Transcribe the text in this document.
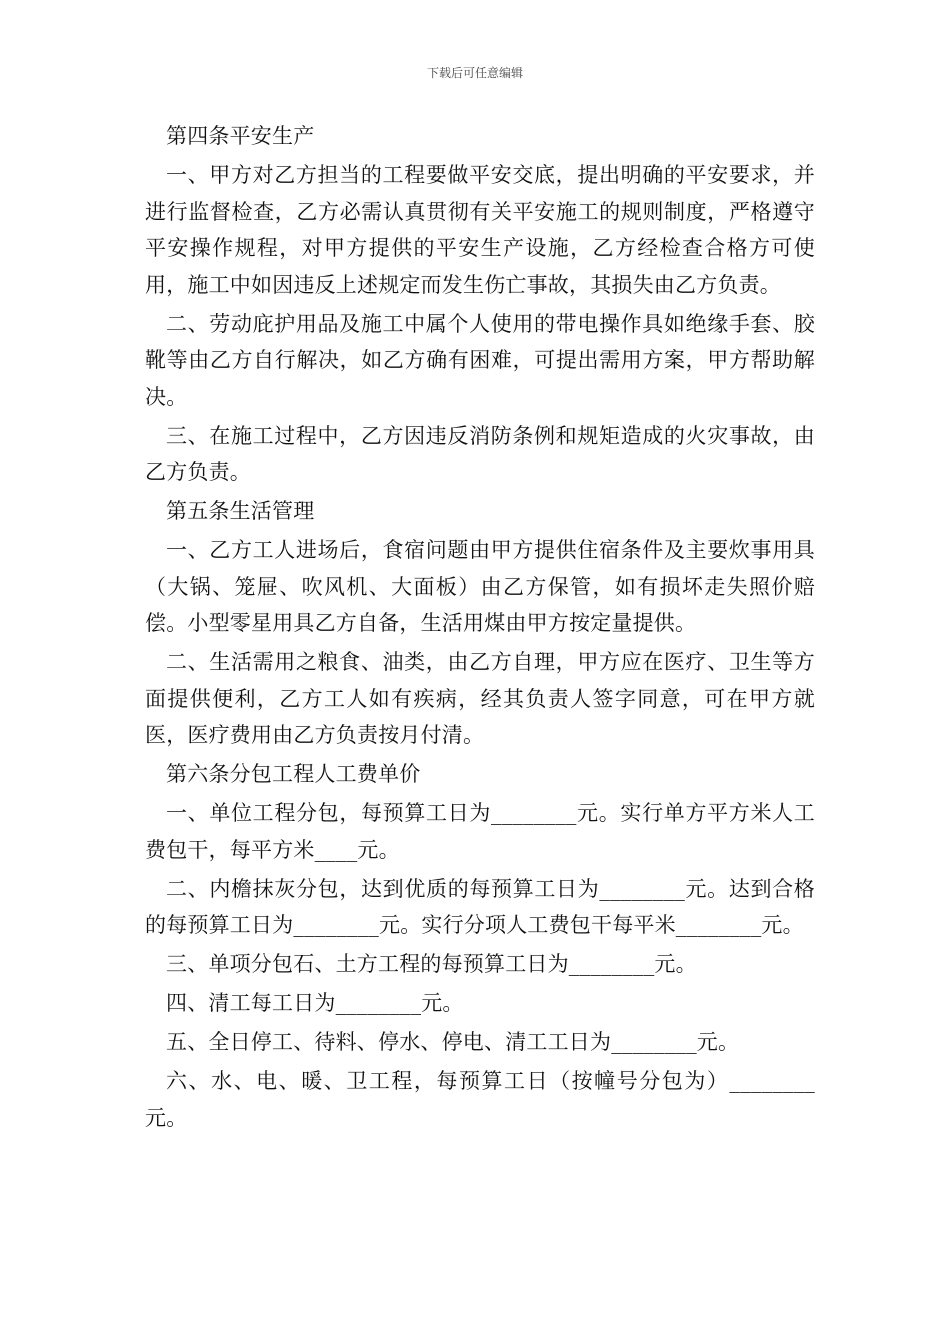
下载后可任意编辑

第四条平安生产

一、甲方对乙方担当的工程要做平安交底，提出明确的平安要求，并进行监督检查，乙方必需认真贯彻有关平安施工的规则制度，严格遵守平安操作规程，对甲方提供的平安生产设施，乙方经检查合格方可使用，施工中如因违反上述规定而发生伤亡事故，其损失由乙方负责。

二、劳动庇护用品及施工中属个人使用的带电操作具如绝缘手套、胶靴等由乙方自行解决，如乙方确有困难，可提出需用方案，甲方帮助解决。

三、在施工过程中，乙方因违反消防条例和规矩造成的火灾事故，由乙方负责。

第五条生活管理

一、乙方工人进场后，食宿问题由甲方提供住宿条件及主要炊事用具（大锅、笼屉、吹风机、大面板）由乙方保管，如有损坏走失照价赔偿。小型零星用具乙方自备，生活用煤由甲方按定量提供。

二、生活需用之粮食、油类，由乙方自理，甲方应在医疗、卫生等方面提供便利，乙方工人如有疾病，经其负责人签字同意，可在甲方就医，医疗费用由乙方负责按月付清。

第六条分包工程人工费单价

一、单位工程分包，每预算工日为________元。实行单方平方米人工费包干，每平方米____元。

二、内檐抹灰分包，达到优质的每预算工日为________元。达到合格的每预算工日为________元。实行分项人工费包干每平米________元。

三、单项分包石、土方工程的每预算工日为________元。

四、清工每工日为________元。

五、全日停工、待料、停水、停电、清工工日为________元。

六、水、电、暖、卫工程，每预算工日（按幢号分包为）________元。
